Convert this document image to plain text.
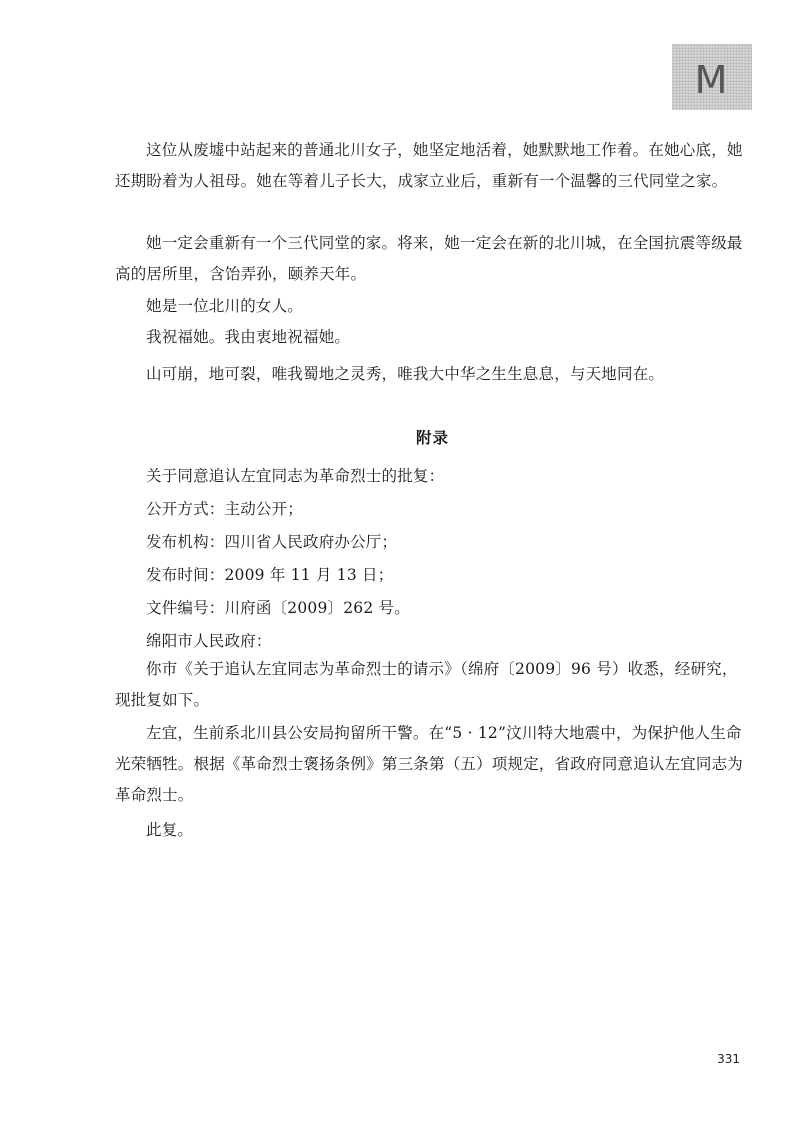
M

这位从废墟中站起来的普通北川女子，她坚定地活着，她默默地工作着。在她心底，她还期盼着为人祖母。她在等着儿子长大，成家立业后，重新有一个温馨的三代同堂之家。

她一定会重新有一个三代同堂的家。将来，她一定会在新的北川城，在全国抗震等级最高的居所里，含饴弄孙，颐养天年。

她是一位北川的女人。

我祝福她。我由衷地祝福她。

山可崩，地可裂，唯我蜀地之灵秀，唯我大中华之生生息息，与天地同在。

附录

关于同意追认左宜同志为革命烈士的批复：

公开方式：主动公开；

发布机构：四川省人民政府办公厅；

发布时间：2009 年 11 月 13 日；

文件编号：川府函〔2009〕262 号。

绵阳市人民政府：

你市《关于追认左宜同志为革命烈士的请示》（绵府〔2009〕96 号）收悉，经研究，现批复如下。

左宜，生前系北川县公安局拘留所干警。在“5 · 12”汶川特大地震中，为保护他人生命光荣牺牲。根据《革命烈士褒扬条例》第三条第（五）项规定，省政府同意追认左宜同志为革命烈士。

此复。

331
